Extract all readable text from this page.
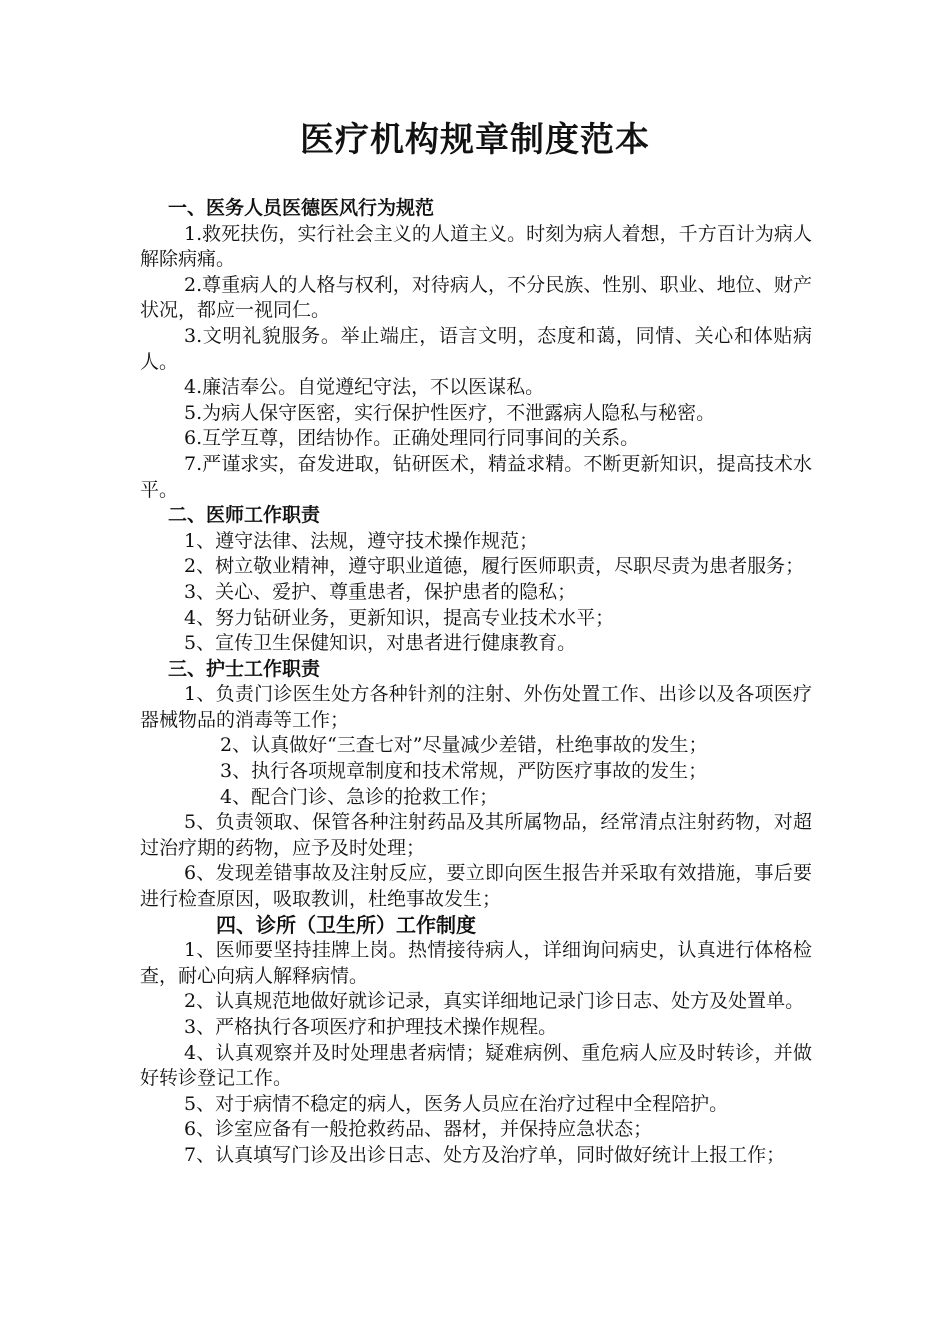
医疗机构规章制度范本

一、医务人员医德医风行为规范

1.救死扶伤，实行社会主义的人道主义。时刻为病人着想，千方百计为病人解除病痛。

2.尊重病人的人格与权利，对待病人，不分民族、性别、职业、地位、财产状况，都应一视同仁。

3.文明礼貌服务。举止端庄，语言文明，态度和蔼，同情、关心和体贴病人。

4.廉洁奉公。自觉遵纪守法，不以医谋私。

5.为病人保守医密，实行保护性医疗，不泄露病人隐私与秘密。

6.互学互尊，团结协作。正确处理同行同事间的关系。

7.严谨求实，奋发进取，钻研医术，精益求精。不断更新知识，提高技术水平。

二、医师工作职责

1、遵守法律、法规，遵守技术操作规范；

2、树立敬业精神，遵守职业道德，履行医师职责，尽职尽责为患者服务；

3、关心、爱护、尊重患者，保护患者的隐私；

4、努力钻研业务，更新知识，提高专业技术水平；

5、宣传卫生保健知识，对患者进行健康教育。

三、护士工作职责

1、负责门诊医生处方各种针剂的注射、外伤处置工作、出诊以及各项医疗器械物品的消毒等工作；

2、认真做好“三查七对”尽量减少差错，杜绝事故的发生；

3、执行各项规章制度和技术常规，严防医疗事故的发生；

4、配合门诊、急诊的抢救工作；

5、负责领取、保管各种注射药品及其所属物品，经常清点注射药物，对超过治疗期的药物，应予及时处理；

6、发现差错事故及注射反应，要立即向医生报告并采取有效措施，事后要进行检查原因，吸取教训，杜绝事故发生；

四、诊所（卫生所）工作制度

1、医师要坚持挂牌上岗。热情接待病人，详细询问病史，认真进行体格检查，耐心向病人解释病情。

2、认真规范地做好就诊记录，真实详细地记录门诊日志、处方及处置单。

3、严格执行各项医疗和护理技术操作规程。

4、认真观察并及时处理患者病情；疑难病例、重危病人应及时转诊，并做好转诊登记工作。

5、对于病情不稳定的病人，医务人员应在治疗过程中全程陪护。

6、诊室应备有一般抢救药品、器材，并保持应急状态；

7、认真填写门诊及出诊日志、处方及治疗单，同时做好统计上报工作；
